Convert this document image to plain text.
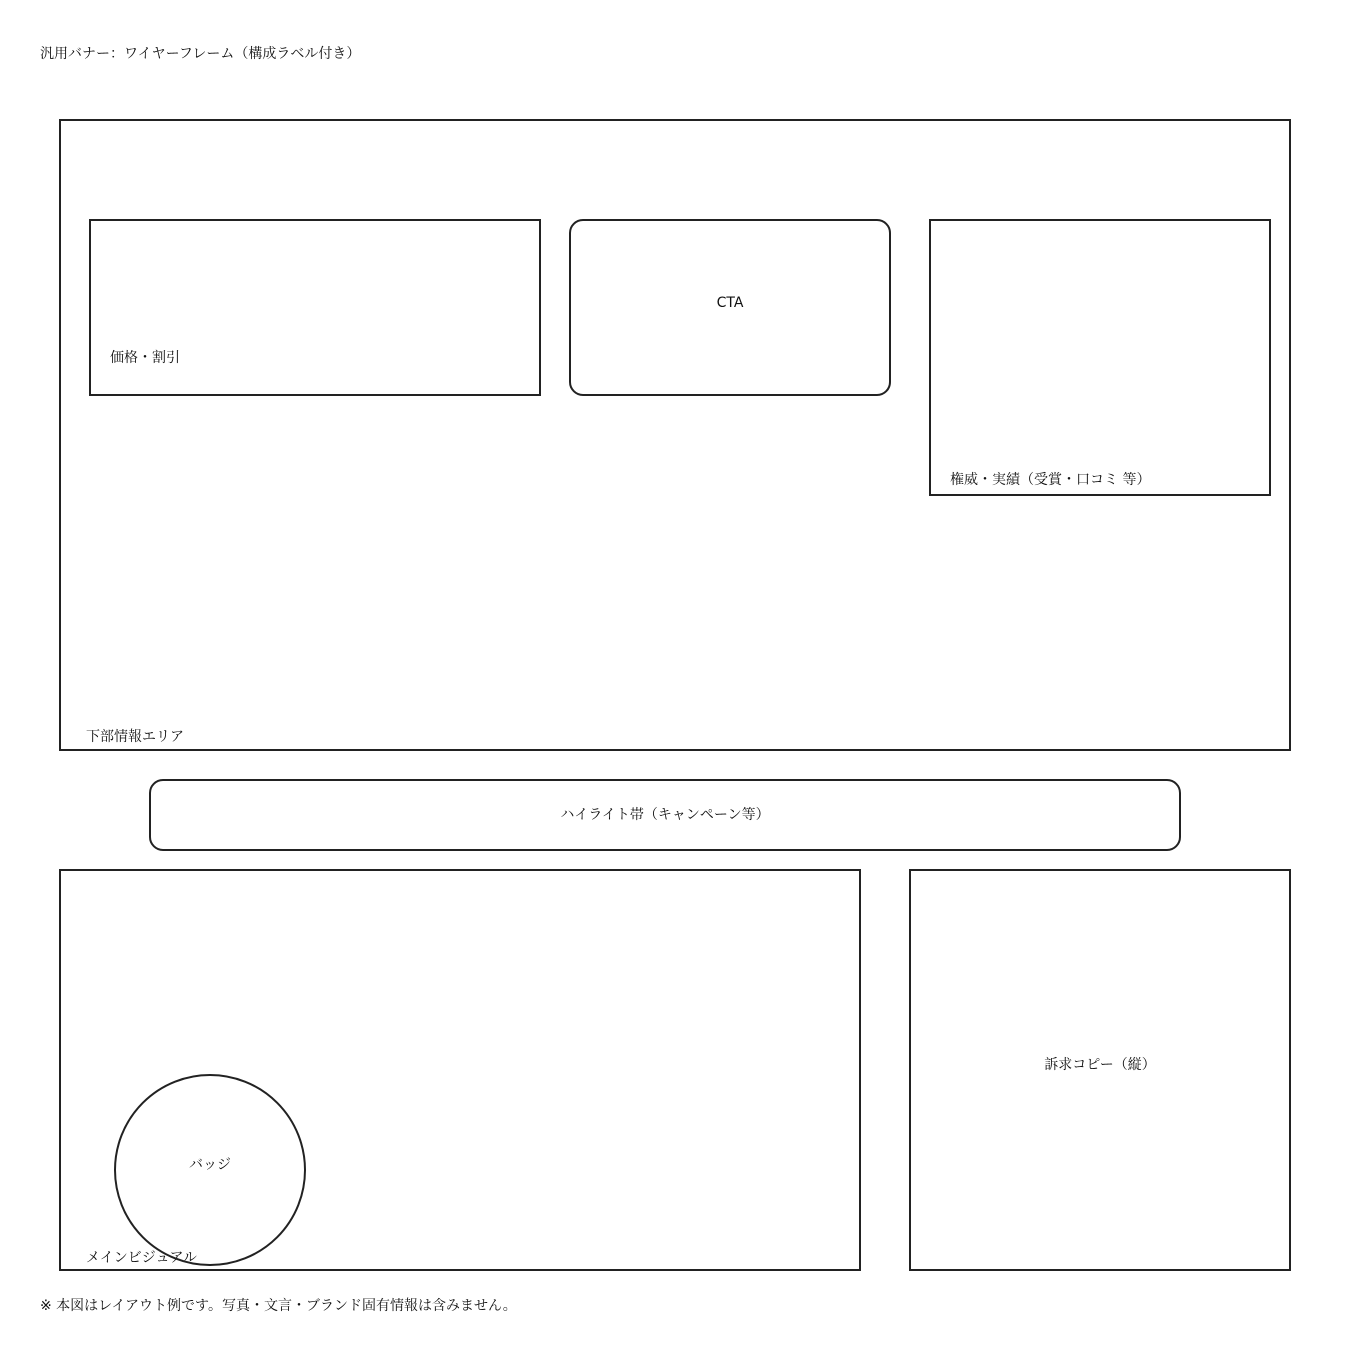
汎用バナー：ワイヤーフレーム（構成ラベル付き）
下部情報エリア
価格・割引
CTA
権威・実績（受賞・口コミ 等）
ハイライト帯（キャンペーン等）
メインビジュアル
バッジ
訴求コピー（縦）
※ 本図はレイアウト例です。写真・文言・ブランド固有情報は含みません。
